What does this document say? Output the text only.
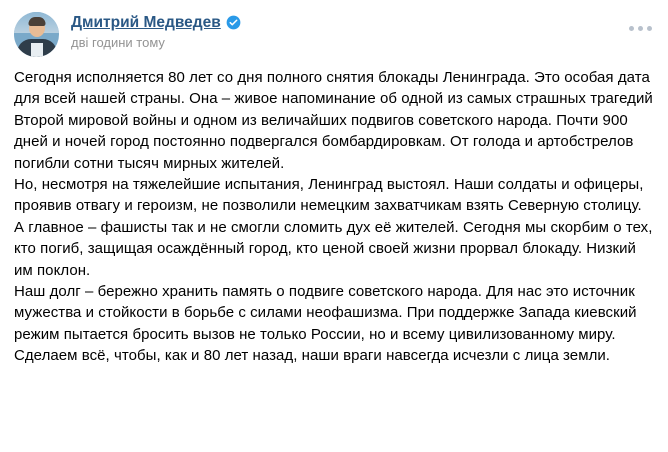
Дмитрий Медведев
дві години тому

Сегодня исполняется 80 лет со дня полного снятия блокады Ленинграда. Это особая дата для всей нашей страны. Она – живое напоминание об одной из самых страшных трагедий Второй мировой войны и одном из величайших подвигов советского народа. Почти 900 дней и ночей город постоянно подвергался бомбардировкам. От голода и артобстрелов погибли сотни тысяч мирных жителей.

Но, несмотря на тяжелейшие испытания, Ленинград выстоял. Наши солдаты и офицеры, проявив отвагу и героизм, не позволили немецким захватчикам взять Северную столицу. А главное – фашисты так и не смогли сломить дух её жителей. Сегодня мы скорбим о тех, кто погиб, защищая осаждённый город, кто ценой своей жизни прорвал блокаду. Низкий им поклон.

Наш долг – бережно хранить память о подвиге советского народа. Для нас это источник мужества и стойкости в борьбе с силами неофашизма. При поддержке Запада киевский режим пытается бросить вызов не только России, но и всему цивилизованному миру. Сделаем всё, чтобы, как и 80 лет назад, наши враги навсегда исчезли с лица земли.
